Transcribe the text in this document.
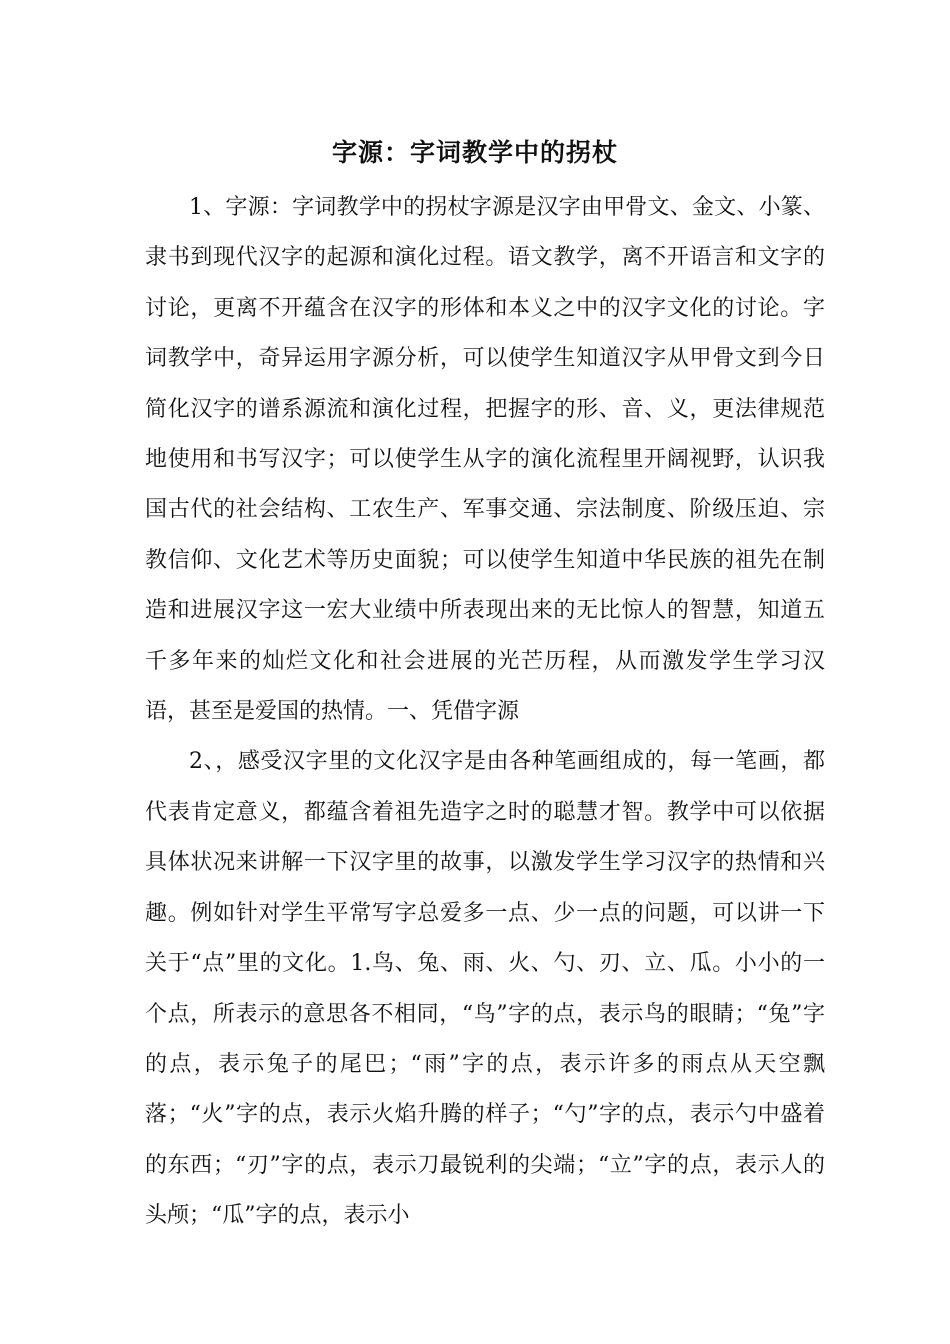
字源：字词教学中的拐杖

1、字源：字词教学中的拐杖字源是汉字由甲骨文、金文、小篆、隶书到现代汉字的起源和演化过程。语文教学，离不开语言和文字的讨论，更离不开蕴含在汉字的形体和本义之中的汉字文化的讨论。字词教学中，奇异运用字源分析，可以使学生知道汉字从甲骨文到今日简化汉字的谱系源流和演化过程，把握字的形、音、义，更法律规范地使用和书写汉字；可以使学生从字的演化流程里开阔视野，认识我国古代的社会结构、工农生产、军事交通、宗法制度、阶级压迫、宗教信仰、文化艺术等历史面貌；可以使学生知道中华民族的祖先在制造和进展汉字这一宏大业绩中所表现出来的无比惊人的智慧，知道五千多年来的灿烂文化和社会进展的光芒历程，从而激发学生学习汉语，甚至是爱国的热情。一、凭借字源

2、，感受汉字里的文化汉字是由各种笔画组成的，每一笔画，都代表肯定意义，都蕴含着祖先造字之时的聪慧才智。教学中可以依据具体状况来讲解一下汉字里的故事，以激发学生学习汉字的热情和兴趣。例如针对学生平常写字总爱多一点、少一点的问题，可以讲一下关于“点”里的文化。1.鸟、兔、雨、火、勺、刃、立、瓜。小小的一个点，所表示的意思各不相同，“鸟”字的点，表示鸟的眼睛；“兔”字的点，表示兔子的尾巴；“雨”字的点，表示许多的雨点从天空飘落；“火”字的点，表示火焰升腾的样子；“勺”字的点，表示勺中盛着的东西；“刃”字的点，表示刀最锐利的尖端；“立”字的点，表示人的头颅；“瓜”字的点，表示小
